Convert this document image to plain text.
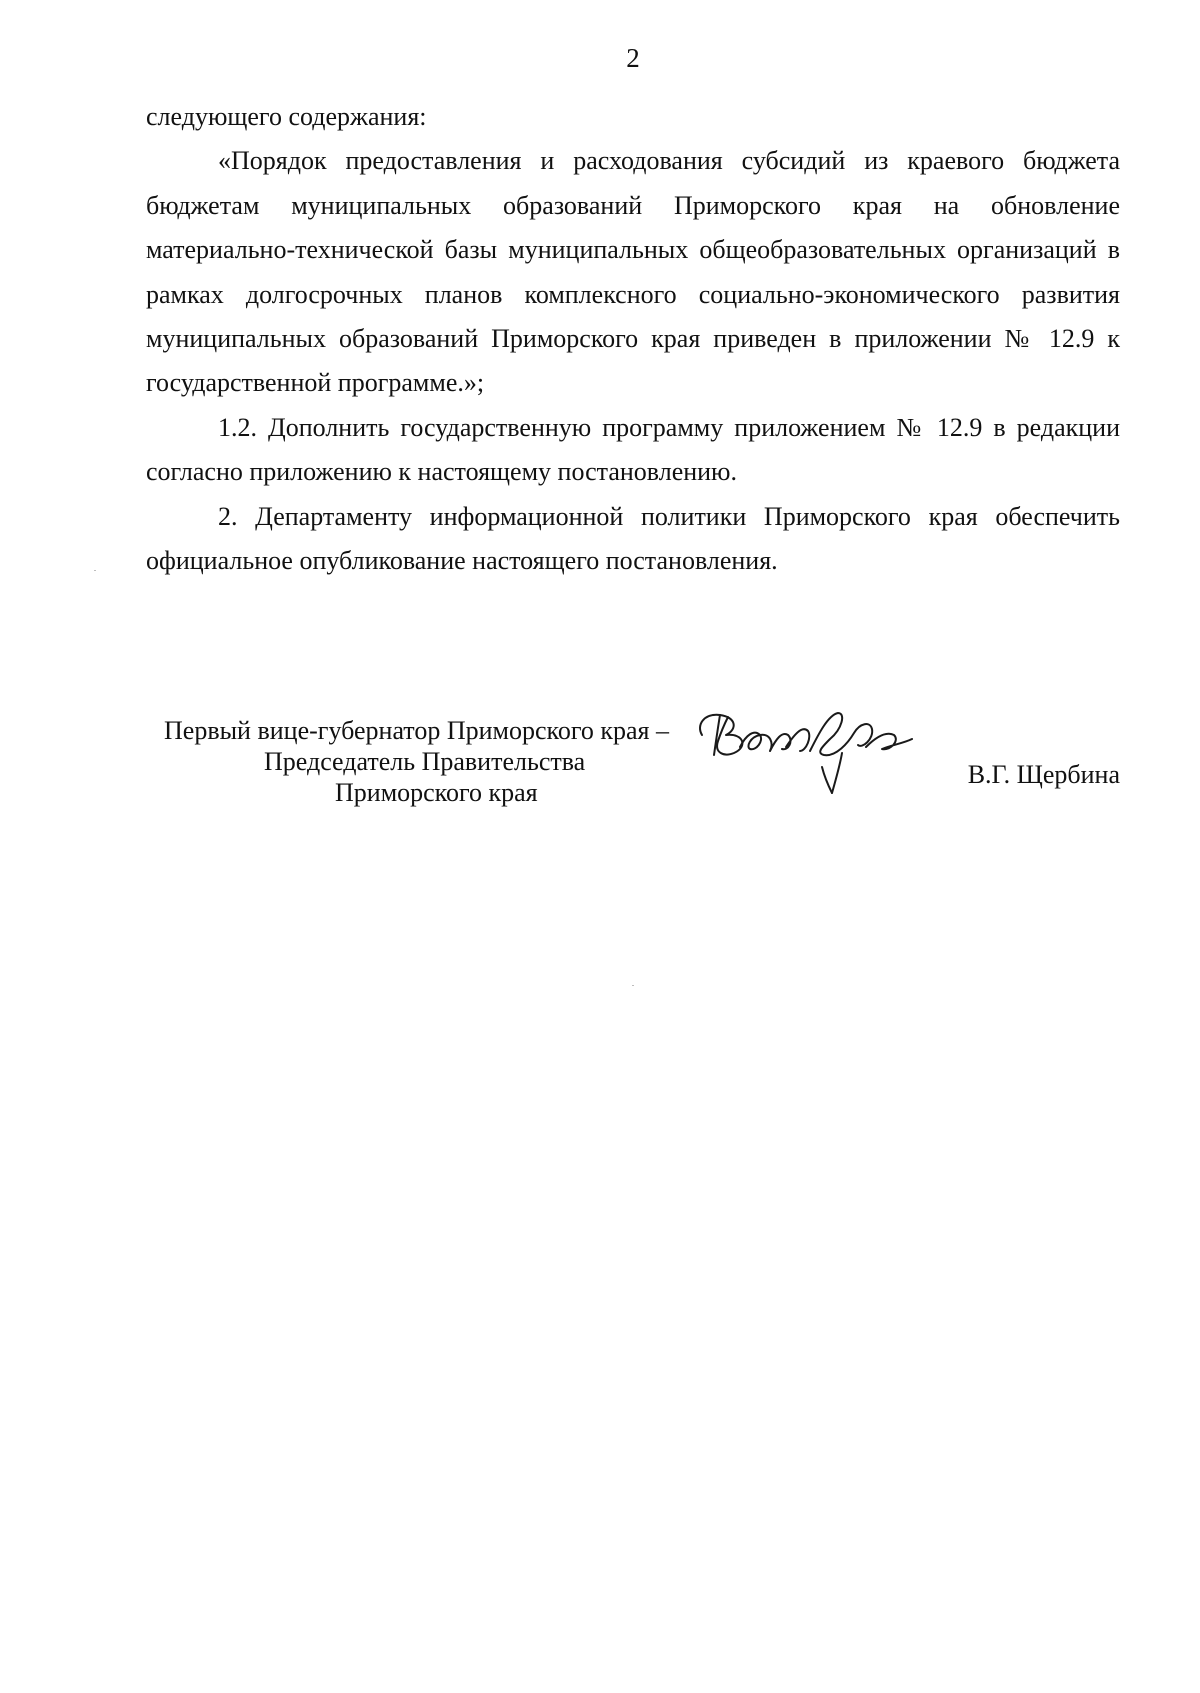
2

следующего содержания:

«Порядок предоставления и расходования субсидий из краевого бюджета бюджетам муниципальных образований Приморского края на обновление материально-технической базы муниципальных общеобразовательных организаций в рамках долгосрочных планов комплексного социально-экономического развития муниципальных образований Приморского края приведен в приложении № 12.9 к государственной программе.»;

1.2. Дополнить государственную программу приложением № 12.9 в редакции согласно приложению к настоящему постановлению.

2. Департаменту информационной политики Приморского края обеспечить официальное опубликование настоящего постановления.

Первый вице-губернатор Приморского края –
Председатель Правительства
Приморского края
В.Г. Щербина
